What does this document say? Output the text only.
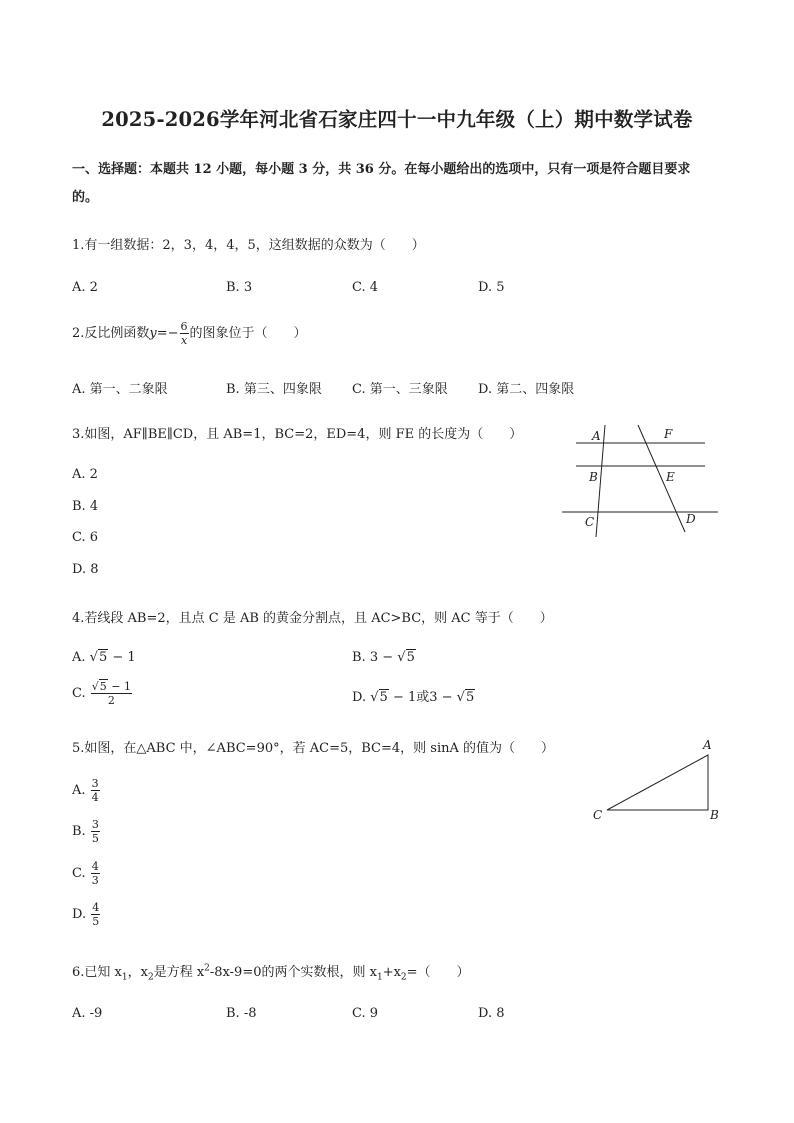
2025-2026学年河北省石家庄四十一中九年级（上）期中数学试卷
一、选择题：本题共 12 小题，每小题 3 分，共 36 分。在每小题给出的选项中，只有一项是符合题目要求
的。
1.有一组数据：2，3，4，4，5，这组数据的众数为（　　）
A. 2	B. 3	C. 4	D. 5
2.反比例函数$y=- \frac{6}{x}$ 的图象位于（　　）
A. 第一、二象限	B. 第三、四象限 C. 第一、三象限 D. 第二、四象限
3.如图，AF∥BE∥CD，且 AB=1，BC=2，ED=4，则 FE 的长度为（　　）
A. 2
B. 4
C. 6
D. 8
A	F
B	E
C	D
4.若线段 AB=2，且点 C 是 AB 的黄金分割点，且 AC>BC，则 AC 等于（　　）
A. √5 − 1	B. 3 − √5
C. $\frac{√5 - 1}{2}$	D. √5 − 1或3 − √5
5.如图，在△ABC 中，∠ABC=90°，若 AC=5，BC=4，则 sinA 的值为（　　）
A. $\frac{3}{4}$
B. $\frac{3}{5}$
C. $\frac{4}{3}$
D. $\frac{4}{5}$
A
C	B
6.已知 $x_1$，$x_2$是方程 $x^2-8x-9=0$的两个实数根，则 $x_1+x_2=$（　　）
A. -9	B. -8	C. 9	D. 8
